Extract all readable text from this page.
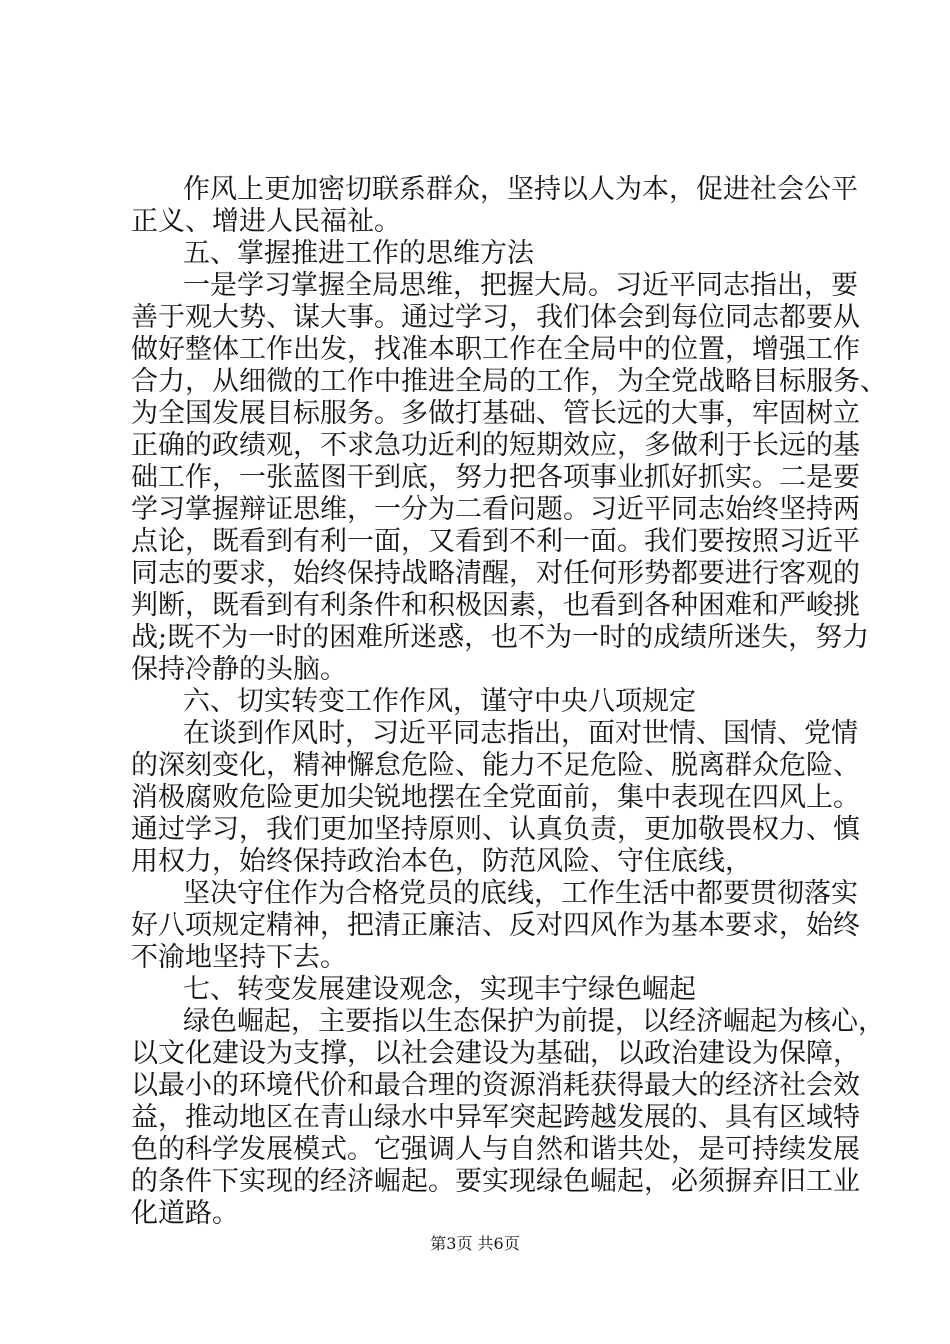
作风上更加密切联系群众，坚持以人为本，促进社会公平
正义、增进人民福祉。
五、掌握推进工作的思维方法
一是学习掌握全局思维，把握大局。习近平同志指出，要
善于观大势、谋大事。通过学习，我们体会到每位同志都要从
做好整体工作出发，找准本职工作在全局中的位置，增强工作
合力，从细微的工作中推进全局的工作，为全党战略目标服务、
为全国发展目标服务。多做打基础、管长远的大事，牢固树立
正确的政绩观，不求急功近利的短期效应，多做利于长远的基
础工作，一张蓝图干到底，努力把各项事业抓好抓实。二是要
学习掌握辩证思维，一分为二看问题。习近平同志始终坚持两
点论，既看到有利一面，又看到不利一面。我们要按照习近平
同志的要求，始终保持战略清醒，对任何形势都要进行客观的
判断，既看到有利条件和积极因素，也看到各种困难和严峻挑
战;既不为一时的困难所迷惑，也不为一时的成绩所迷失，努力
保持冷静的头脑。
六、切实转变工作作风，谨守中央八项规定
在谈到作风时，习近平同志指出，面对世情、国情、党情
的深刻变化，精神懈怠危险、能力不足危险、脱离群众危险、
消极腐败危险更加尖锐地摆在全党面前，集中表现在四风上。
通过学习，我们更加坚持原则、认真负责，更加敬畏权力、慎
用权力，始终保持政治本色，防范风险、守住底线，
坚决守住作为合格党员的底线，工作生活中都要贯彻落实
好八项规定精神，把清正廉洁、反对四风作为基本要求，始终
不渝地坚持下去。
七、转变发展建设观念，实现丰宁绿色崛起
绿色崛起，主要指以生态保护为前提，以经济崛起为核心，
以文化建设为支撑，以社会建设为基础，以政治建设为保障，
以最小的环境代价和最合理的资源消耗获得最大的经济社会效
益，推动地区在青山绿水中异军突起跨越发展的、具有区域特
色的科学发展模式。它强调人与自然和谐共处，是可持续发展
的条件下实现的经济崛起。要实现绿色崛起，必须摒弃旧工业
化道路。
第3页 共6页
